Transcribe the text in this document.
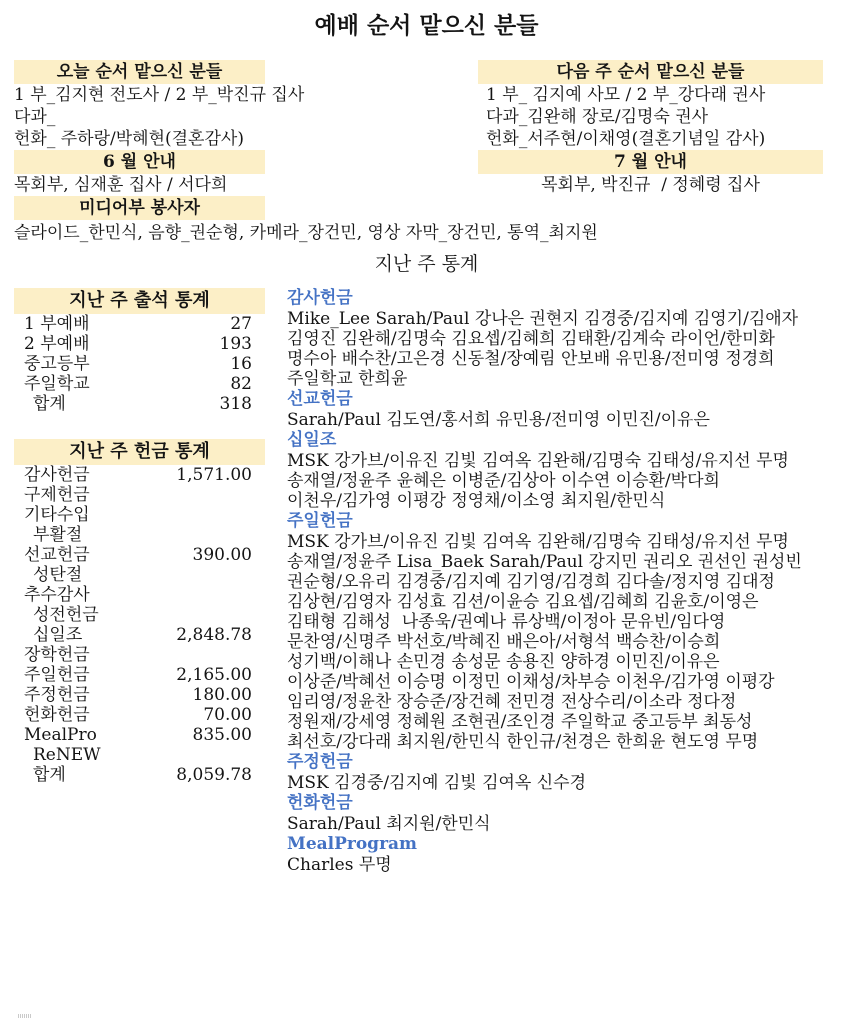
예배 순서 맡으신 분들
오늘 순서 맡으신 분들
1 부_김지현 전도사 / 2 부_박진규 집사
다과_
헌화_ 주하랑/박혜현(결혼감사)
6 월 안내
목회부, 심재훈 집사 / 서다희
미디어부 봉사자
다음 주 순서 맡으신 분들
1 부_ 김지예 사모 / 2 부_강다래 권사
다과_김완해 장로/김명숙 권사
헌화_서주현/이채영(결혼기념일 감사)
7 월 안내
목회부, 박진규  / 정혜령 집사
슬라이드_한민식, 음향_권순형, 카메라_장건민, 영상 자막_장건민, 통역_최지원
지난 주 통계
지난 주 출석 통계
1 부예배	27
2 부예배	193
중고등부	16
주일학교	82
합계	318
지난 주 헌금 통계
감사헌금	1,571.00
구제헌금
기타수입
부활절
선교헌금	390.00
성탄절
추수감사
성전헌금
십일조	2,848.78
장학헌금
주일헌금	2,165.00
주정헌금	180.00
헌화헌금	70.00
MealPro	835.00
ReNEW
합계	8,059.78
감사헌금
Mike_Lee Sarah/Paul 강나은 권현지 김경중/김지예 김영기/김애자
김영진 김완해/김명숙 김요셉/김혜희 김태환/김계숙 라이언/한미화
명수아 배수찬/고은경 신동철/장예림 안보배 유민용/전미영 정경희
주일학교 한희윤
선교헌금
Sarah/Paul 김도연/홍서희 유민용/전미영 이민진/이유은
십일조
MSK 강가브/이유진 김빛 김여옥 김완해/김명숙 김태성/유지선 무명
송재열/정윤주 윤혜은 이병준/김상아 이수연 이승환/박다희
이천우/김가영 이평강 정영채/이소영 최지원/한민식
주일헌금
MSK 강가브/이유진 김빛 김여옥 김완해/김명숙 김태성/유지선 무명
송재열/정윤주 Lisa_Baek Sarah/Paul 강지민 권리오 권선인 권성빈
권순형/오유리 김경중/김지예 김기영/김경희 김다솔/정지영 김대정
김상현/김영자 김성효 김션/이윤승 김요셉/김혜희 김윤호/이영은
김태형 김해성  나종욱/권예나 류상백/이정아 문유빈/임다영
문찬영/신명주 박선호/박혜진 배은아/서형석 백승찬/이승희
성기백/이해나 손민경 송성문 송용진 양하경 이민진/이유은
이상준/박혜선 이승명 이정민 이채성/차부승 이천우/김가영 이평강
임리영/정윤찬 장승준/장건혜 전민경 전상수리/이소라 정다정
정원재/강세영 정혜원 조현권/조인경 주일학교 중고등부 최동성
최선호/강다래 최지원/한민식 한인규/천경은 한희윤 현도영 무명
주정헌금
MSK 김경중/김지예 김빛 김여옥 신수경
헌화헌금
Sarah/Paul 최지원/한민식
MealProgram
Charles 무명
